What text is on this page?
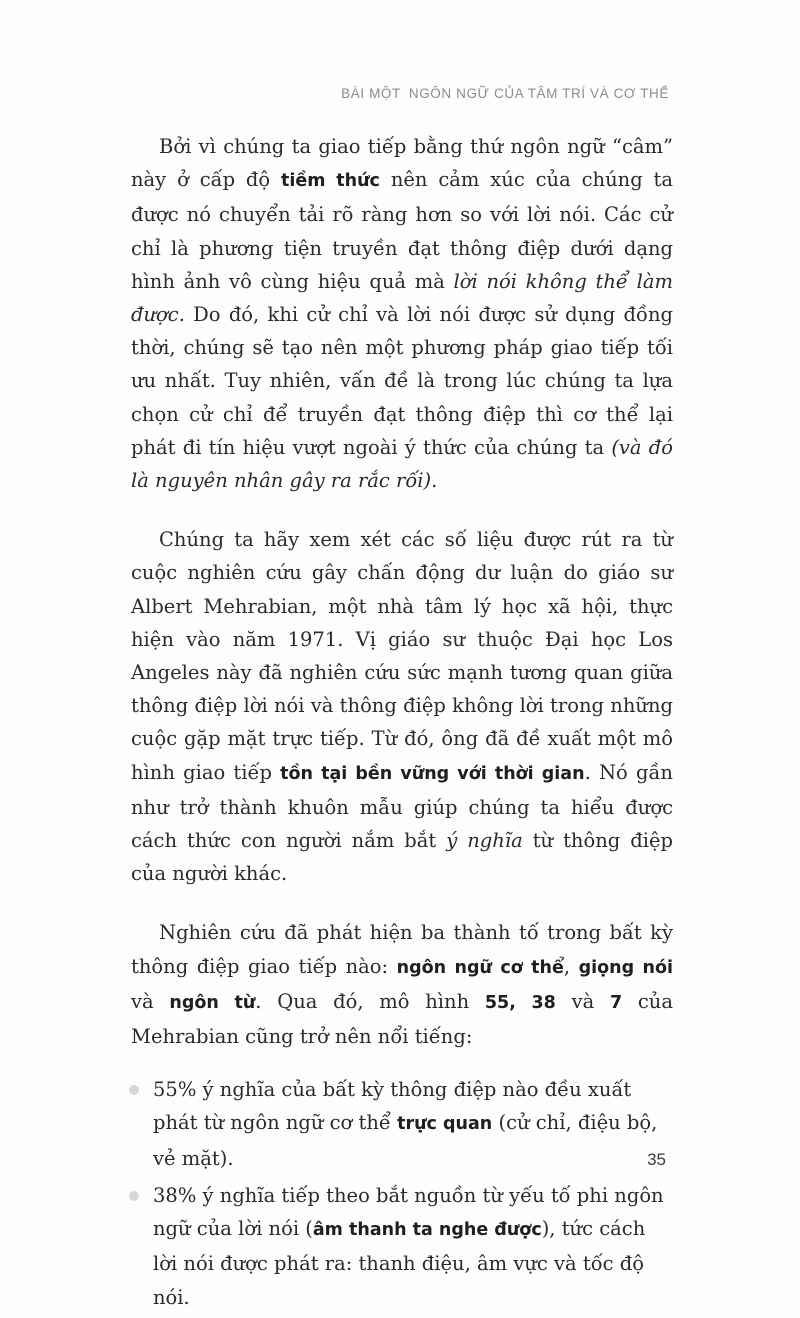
BÀI MỘT NGÔN NGỮ CỦA TÂM TRÍ VÀ CƠ THỂ

Bởi vì chúng ta giao tiếp bằng thứ ngôn ngữ “câm” này ở cấp độ tiềm thức nên cảm xúc của chúng ta được nó chuyển tải rõ ràng hơn so với lời nói. Các cử chỉ là phương tiện truyền đạt thông điệp dưới dạng hình ảnh vô cùng hiệu quả mà lời nói không thể làm được. Do đó, khi cử chỉ và lời nói được sử dụng đồng thời, chúng sẽ tạo nên một phương pháp giao tiếp tối ưu nhất. Tuy nhiên, vấn đề là trong lúc chúng ta lựa chọn cử chỉ để truyền đạt thông điệp thì cơ thể lại phát đi tín hiệu vượt ngoài ý thức của chúng ta (và đó là nguyên nhân gây ra rắc rối).

Chúng ta hãy xem xét các số liệu được rút ra từ cuộc nghiên cứu gây chấn động dư luận do giáo sư Albert Mehrabian, một nhà tâm lý học xã hội, thực hiện vào năm 1971. Vị giáo sư thuộc Đại học Los Angeles này đã nghiên cứu sức mạnh tương quan giữa thông điệp lời nói và thông điệp không lời trong những cuộc gặp mặt trực tiếp. Từ đó, ông đã đề xuất một mô hình giao tiếp tồn tại bền vững với thời gian. Nó gần như trở thành khuôn mẫu giúp chúng ta hiểu được cách thức con người nắm bắt ý nghĩa từ thông điệp của người khác.

Nghiên cứu đã phát hiện ba thành tố trong bất kỳ thông điệp giao tiếp nào: ngôn ngữ cơ thể, giọng nói và ngôn từ. Qua đó, mô hình 55, 38 và 7 của Mehrabian cũng trở nên nổi tiếng:

55% ý nghĩa của bất kỳ thông điệp nào đều xuất phát từ ngôn ngữ cơ thể trực quan (cử chỉ, điệu bộ, vẻ mặt).
38% ý nghĩa tiếp theo bắt nguồn từ yếu tố phi ngôn ngữ của lời nói (âm thanh ta nghe được), tức cách lời nói được phát ra: thanh điệu, âm vực và tốc độ nói.
35
